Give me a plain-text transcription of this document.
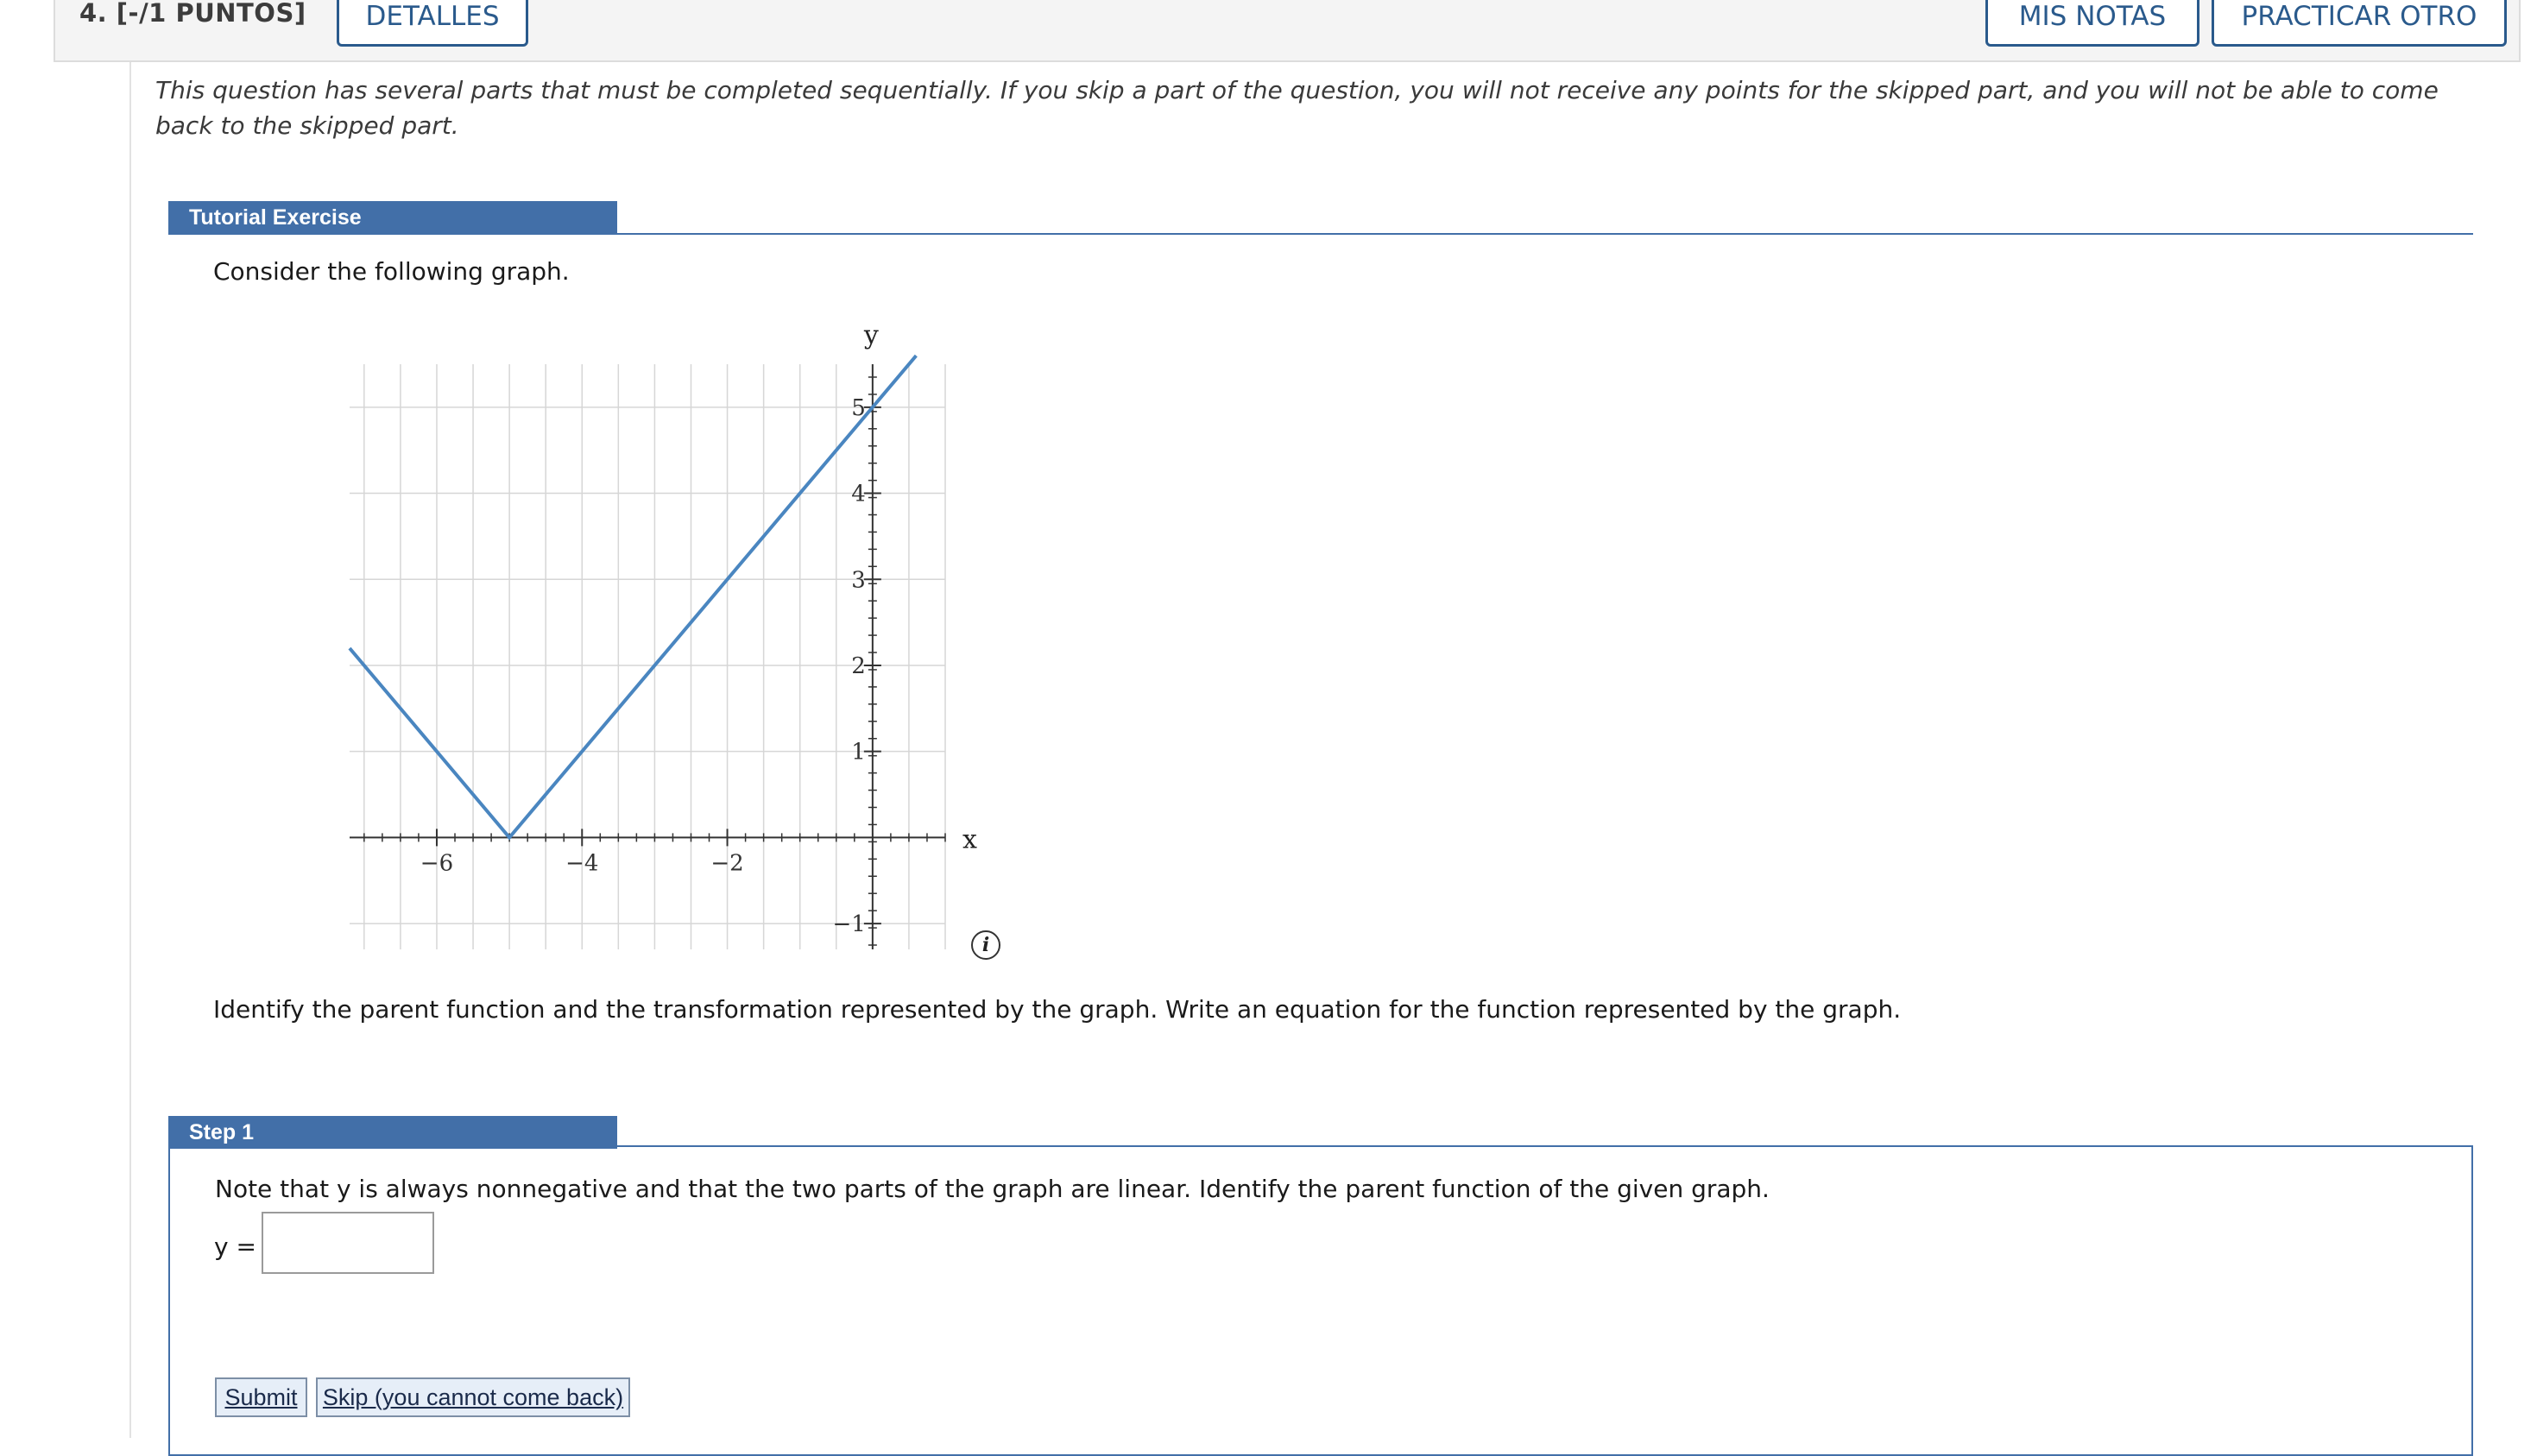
4. [-/1 PUNTOS]	DETALLES	MIS NOTAS	PRACTICAR OTRO
This question has several parts that must be completed sequentially. If you skip a part of the question, you will not receive any points for the skipped part, and you will not be able to come back to the skipped part.
Tutorial Exercise
Consider the following graph.
−6	−4	−2
−1
1
2
3
4
5
x
y
i
Identify the parent function and the transformation represented by the graph. Write an equation for the function represented by the graph.
Step 1
Note that y is always nonnegative and that the two parts of the graph are linear. Identify the parent function of the given graph.
y =
Submit	Skip (you cannot come back)
